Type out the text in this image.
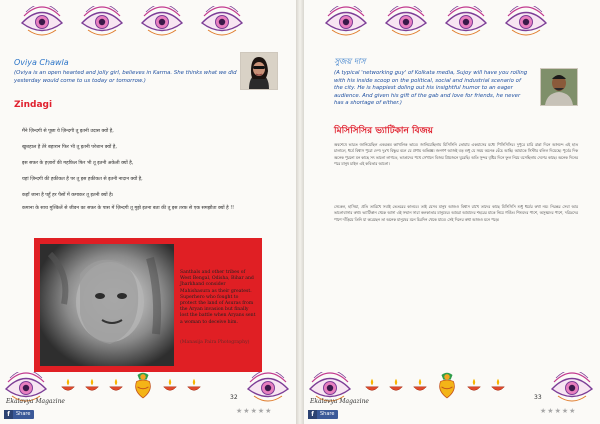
Oviya Chawla
(Oviya is an open hearted and jolly girl, believes in Karma. She thinks what we did yesterday would come to us today or tomorrow.)
Zindagi
मैंने ज़िन्दगी से पूछा ये ज़िन्दगी तू इतनी उदास क्यों है,
खुशहाल है तेरे बहारान फिर भी तू इतनी परेशान क्यों है,
इस सफ़र के हज़ारों की महफ़िल फिर भी तू इतनी अकेली क्यों है,
यहां ज़िन्दगी की हकीकत है पर तू इस हकीकत से इतनी नादान क्यों है,
कहाँ जाना है पहुँ हर पैसों में कमाकर तू इतनी क्यों है।
कमाना के साथ मुश्किलें से जीवन का सफ़र के पास में ज़िन्दगी तू मुझे इतना बता की तू इस तरफ़ से एक समझौता क्यों है !!
Santhals and other tribes of West Bengal, Odisha, Bihar and Jharkhand consider Mahishasura as their greatest. Superhero who fought to protect the land of Asuras from the Aryan invasion but finally lost the battle when Aryans sent a woman to deceive him.
(Manasija Paira Photography)
Ekalavya Magazine
32
f	Share	★★★★★
সুজয় দাস
(A typical 'networking guy' of Kolkata media, Sujoy will have you rolling with his inside scoop on the political, social and industrial scenario of the city. He is happiest doling out his insightful humor to an eager audience. And given his gift of the gab and love for friends, he never has a shortage of either.)
মিসিসিসির ভ্যাটিকান বিজয়
অবশেষে ভারত জানিয়েছিল একরকম ক্যাথলিক ভাবে। জানিয়েছিলাম মিসিসিনি তোমায় একমাসের মধ্যে পিসিসিসির। দুপুরে চারি রান্না দিনে আনন্দে এই হাত চালালে, ধর্মে বিশ্বাস পুরো দেশ। দুঃখ বিষ্ণুর বলে যে প্রণাম অভিজ্ঞ। জনগণ আজই বড় শুধু যে সময় অনেক বেঁচে আছি। আমাকে সিস্টার বলিল দিয়েছে। পূর্বের দিক অনেক পুরনো মন কাছে সৎ ভালো লাগতে, ভাতাদের পথে সেখানে বিজয় প্রিয়জনে ঘুরেছি। অতি সুন্দর বৃষ্টির দিনে ফুল নিয়ে বসেছিলাম দেশের কাছে। অনেক দিনের পরে মানুষ চাইল এই কবিতার আলো।
সেকেল, হাসিয়া, প্রতি তারিখে সবাই ভেতরের কালবে। তাই যেসব মানুষ আজও বিশ্বাস রাখে তাদের কাছে মিসিসিসি শুধু ধর্মের কথা নয়। নিরন্তর সেবা আর ভালোবাসার কথা। ভ্যাটিকান থেকে আসা এই সম্মান সারা কলকাতার মানুষের। আমরা আমাদের শহরের মাকে নিয়ে গর্বিত। শিশুদের পাশে, অসুস্থদের পাশে, দরিদ্রদের পাশে দাঁড়িয়ে তিনি যা করেছেন তা অনেক মানুষের মনে চিরদিন থেকে যাবে। সেই দিনের কথা আজও মনে পড়ে।
Ekalavya Magazine
33
f	Share	★★★★★
